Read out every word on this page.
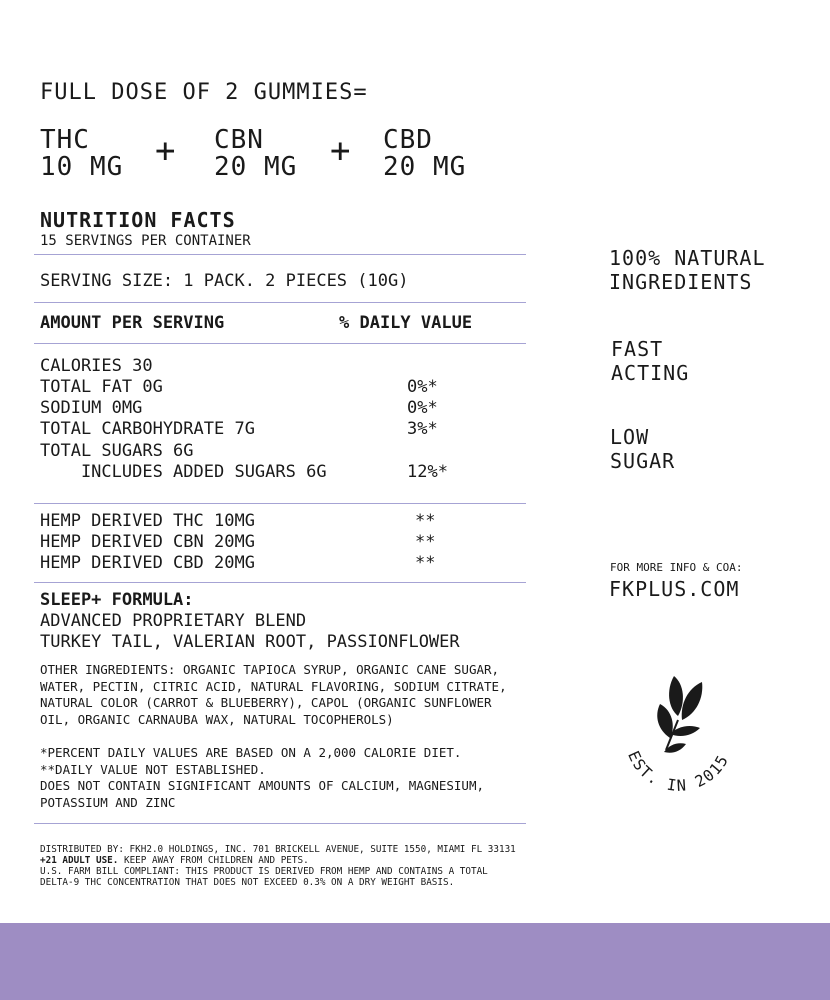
FULL DOSE OF 2 GUMMIES=
THC
10 MG + CBN
20 MG + CBD
20 MG
NUTRITION FACTS
15 SERVINGS PER CONTAINER
SERVING SIZE: 1 PACK. 2 PIECES (10G)
AMOUNT PER SERVING	% DAILY VALUE
CALORIES 30
TOTAL FAT 0G	0%*
SODIUM 0MG	0%*
TOTAL CARBOHYDRATE 7G	3%*
TOTAL SUGARS 6G
INCLUDES ADDED SUGARS 6G	12%*
HEMP DERIVED THC 10MG	**
HEMP DERIVED CBN 20MG	**
HEMP DERIVED CBD 20MG	**
SLEEP+ FORMULA:
ADVANCED PROPRIETARY BLEND
TURKEY TAIL, VALERIAN ROOT, PASSIONFLOWER
OTHER INGREDIENTS: ORGANIC TAPIOCA SYRUP, ORGANIC CANE SUGAR,
WATER, PECTIN, CITRIC ACID, NATURAL FLAVORING, SODIUM CITRATE,
NATURAL COLOR (CARROT & BLUEBERRY), CAPOL (ORGANIC SUNFLOWER
OIL, ORGANIC CARNAUBA WAX, NATURAL TOCOPHEROLS)
*PERCENT DAILY VALUES ARE BASED ON A 2,000 CALORIE DIET.
**DAILY VALUE NOT ESTABLISHED.
DOES NOT CONTAIN SIGNIFICANT AMOUNTS OF CALCIUM, MAGNESIUM,
POTASSIUM AND ZINC
DISTRIBUTED BY: FKH2.0 HOLDINGS, INC. 701 BRICKELL AVENUE, SUITE 1550, MIAMI FL 33131
+21 ADULT USE. KEEP AWAY FROM CHILDREN AND PETS.
U.S. FARM BILL COMPLIANT: THIS PRODUCT IS DERIVED FROM HEMP AND CONTAINS A TOTAL
DELTA-9 THC CONCENTRATION THAT DOES NOT EXCEED 0.3% ON A DRY WEIGHT BASIS.
100% NATURAL
INGREDIENTS
FAST
ACTING
LOW
SUGAR
FOR MORE INFO & COA:
FKPLUS.COM
EST. IN 2015
